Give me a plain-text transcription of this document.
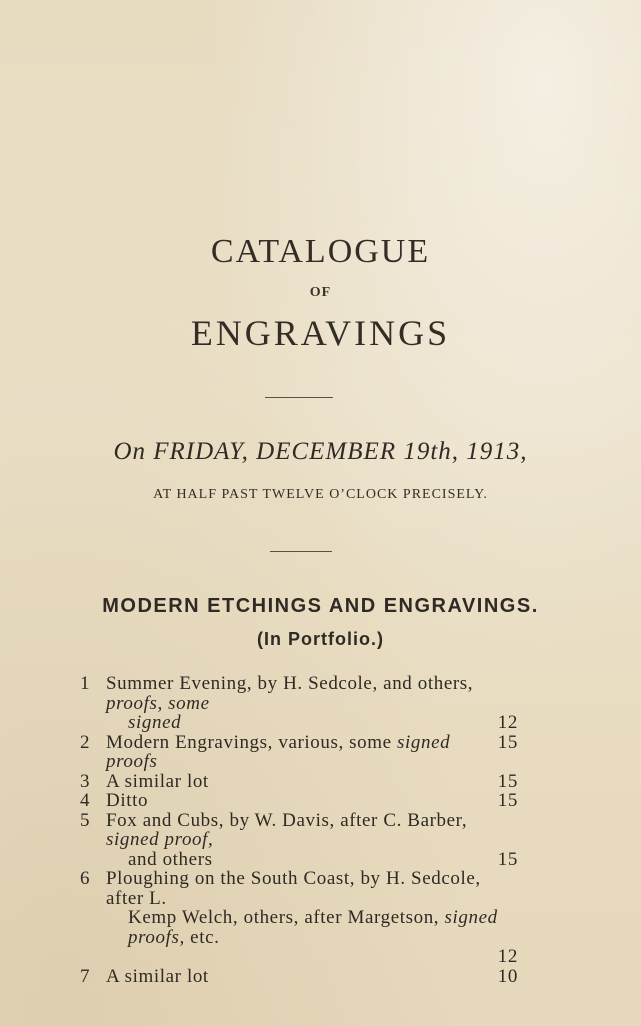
CATALOGUE
OF
ENGRAVINGS
On FRIDAY, DECEMBER 19th, 1913,
AT HALF PAST TWELVE O’CLOCK PRECISELY.
MODERN ETCHINGS AND ENGRAVINGS.
(In Portfolio.)
1 Summer Evening, by H. Sedcole, and others, proofs, some
signed	12
2 Modern Engravings, various, some signed proofs
15
3 A similar lot	15
4 Ditto	15
5 Fox and Cubs, by W. Davis, after C. Barber, signed proof,
and others	15
6 Ploughing on the South Coast, by H. Sedcole, after L.
Kemp Welch, others, after Margetson, signed proofs, etc.
12
7 A similar lot	10
